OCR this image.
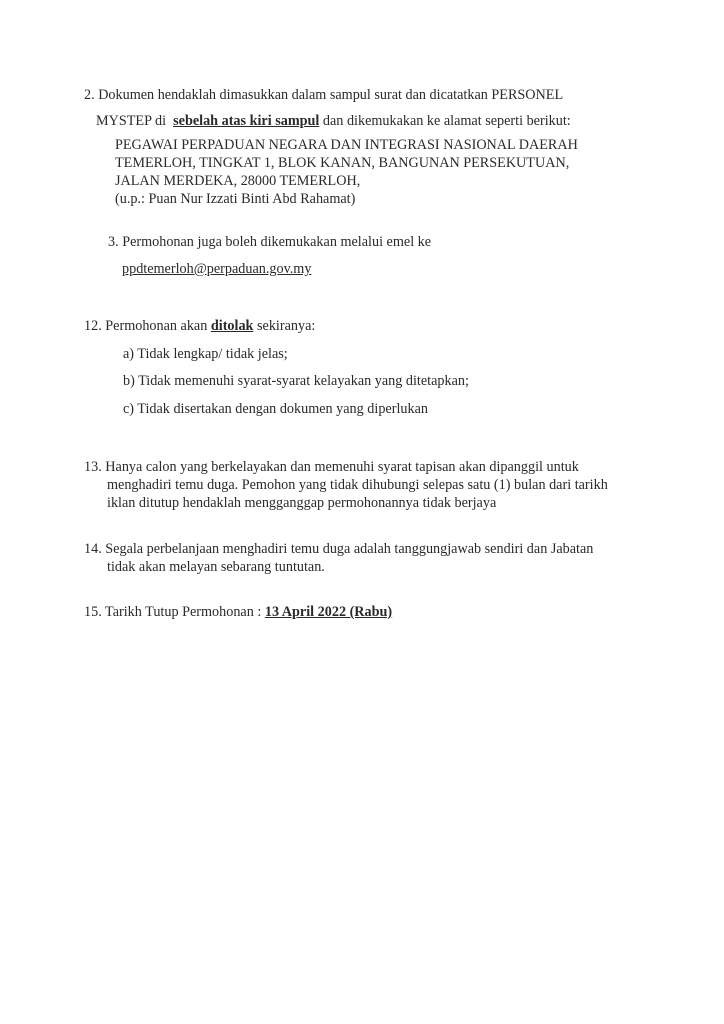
2. Dokumen hendaklah dimasukkan dalam sampul surat dan dicatatkan PERSONEL
MYSTEP di sebelah atas kiri sampul dan dikemukakan ke alamat seperti berikut:
PEGAWAI PERPADUAN NEGARA DAN INTEGRASI NASIONAL DAERAH
TEMERLOH, TINGKAT 1, BLOK KANAN, BANGUNAN PERSEKUTUAN,
JALAN MERDEKA, 28000 TEMERLOH,
(u.p.: Puan Nur Izzati Binti Abd Rahamat)
3. Permohonan juga boleh dikemukakan melalui emel ke
ppdtemerloh@perpaduan.gov.my
12. Permohonan akan ditolak sekiranya:
a) Tidak lengkap/ tidak jelas;
b) Tidak memenuhi syarat-syarat kelayakan yang ditetapkan;
c) Tidak disertakan dengan dokumen yang diperlukan
13. Hanya calon yang berkelayakan dan memenuhi syarat tapisan akan dipanggil untuk
menghadiri temu duga. Pemohon yang tidak dihubungi selepas satu (1) bulan dari tarikh
iklan ditutup hendaklah mengganggap permohonannya tidak berjaya
14. Segala perbelanjaan menghadiri temu duga adalah tanggungjawab sendiri dan Jabatan
tidak akan melayan sebarang tuntutan.
15. Tarikh Tutup Permohonan : 13 April 2022 (Rabu)
